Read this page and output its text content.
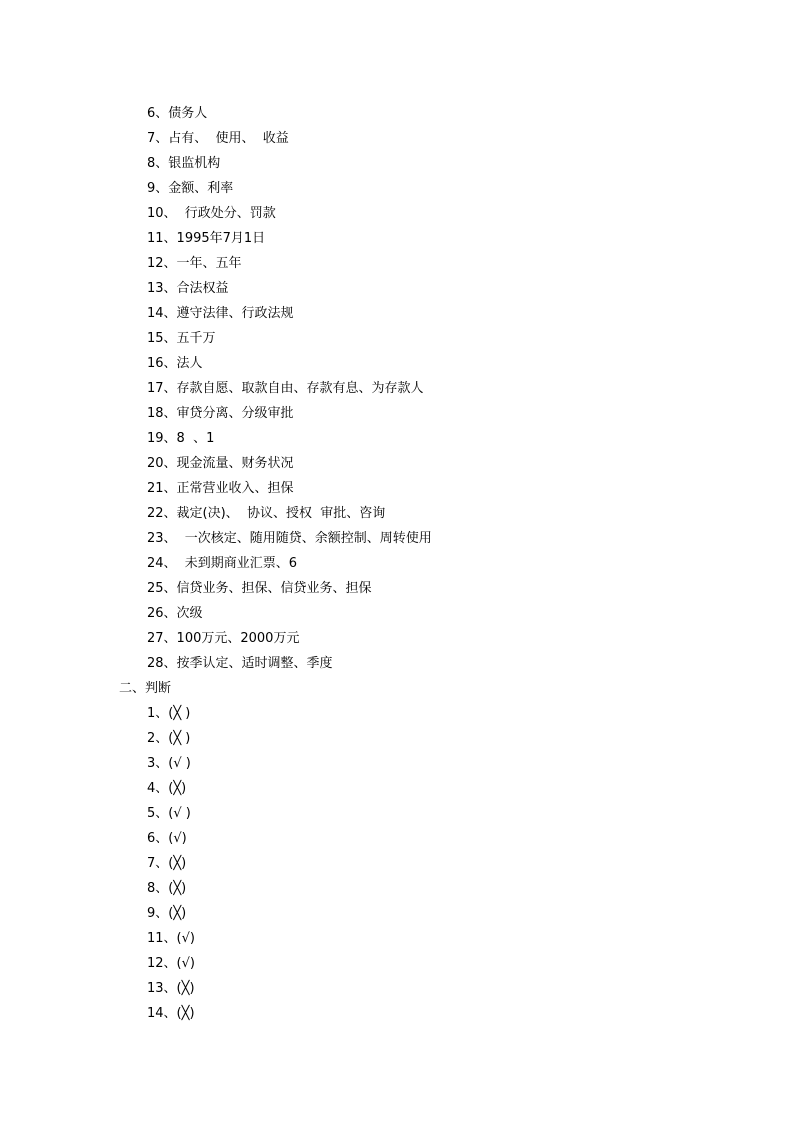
6、债务人
7、占有、  使用、  收益
8、银监机构
9、金额、利率
10、  行政处分、罚款
11、1995年7月1日
12、一年、五年
13、合法权益
14、遵守法律、行政法规
15、五千万
16、法人
17、存款自愿、取款自由、存款有息、为存款人
18、审贷分离、分级审批
19、8  、1
20、现金流量、财务状况
21、正常营业收入、担保
22、裁定(决)、  协议、授权  审批、咨询
23、  一次核定、随用随贷、余额控制、周转使用
24、  未到期商业汇票、6
25、信贷业务、担保、信贷业务、担保
26、次级
27、100万元、2000万元
28、按季认定、适时调整、季度
二、判断
1、(╳ )
2、(╳ )
3、(√ )
4、(╳)
5、(√ )
6、(√)
7、(╳)
8、(╳)
9、(╳)
11、(√)
12、(√)
13、(╳)
14、(╳)
